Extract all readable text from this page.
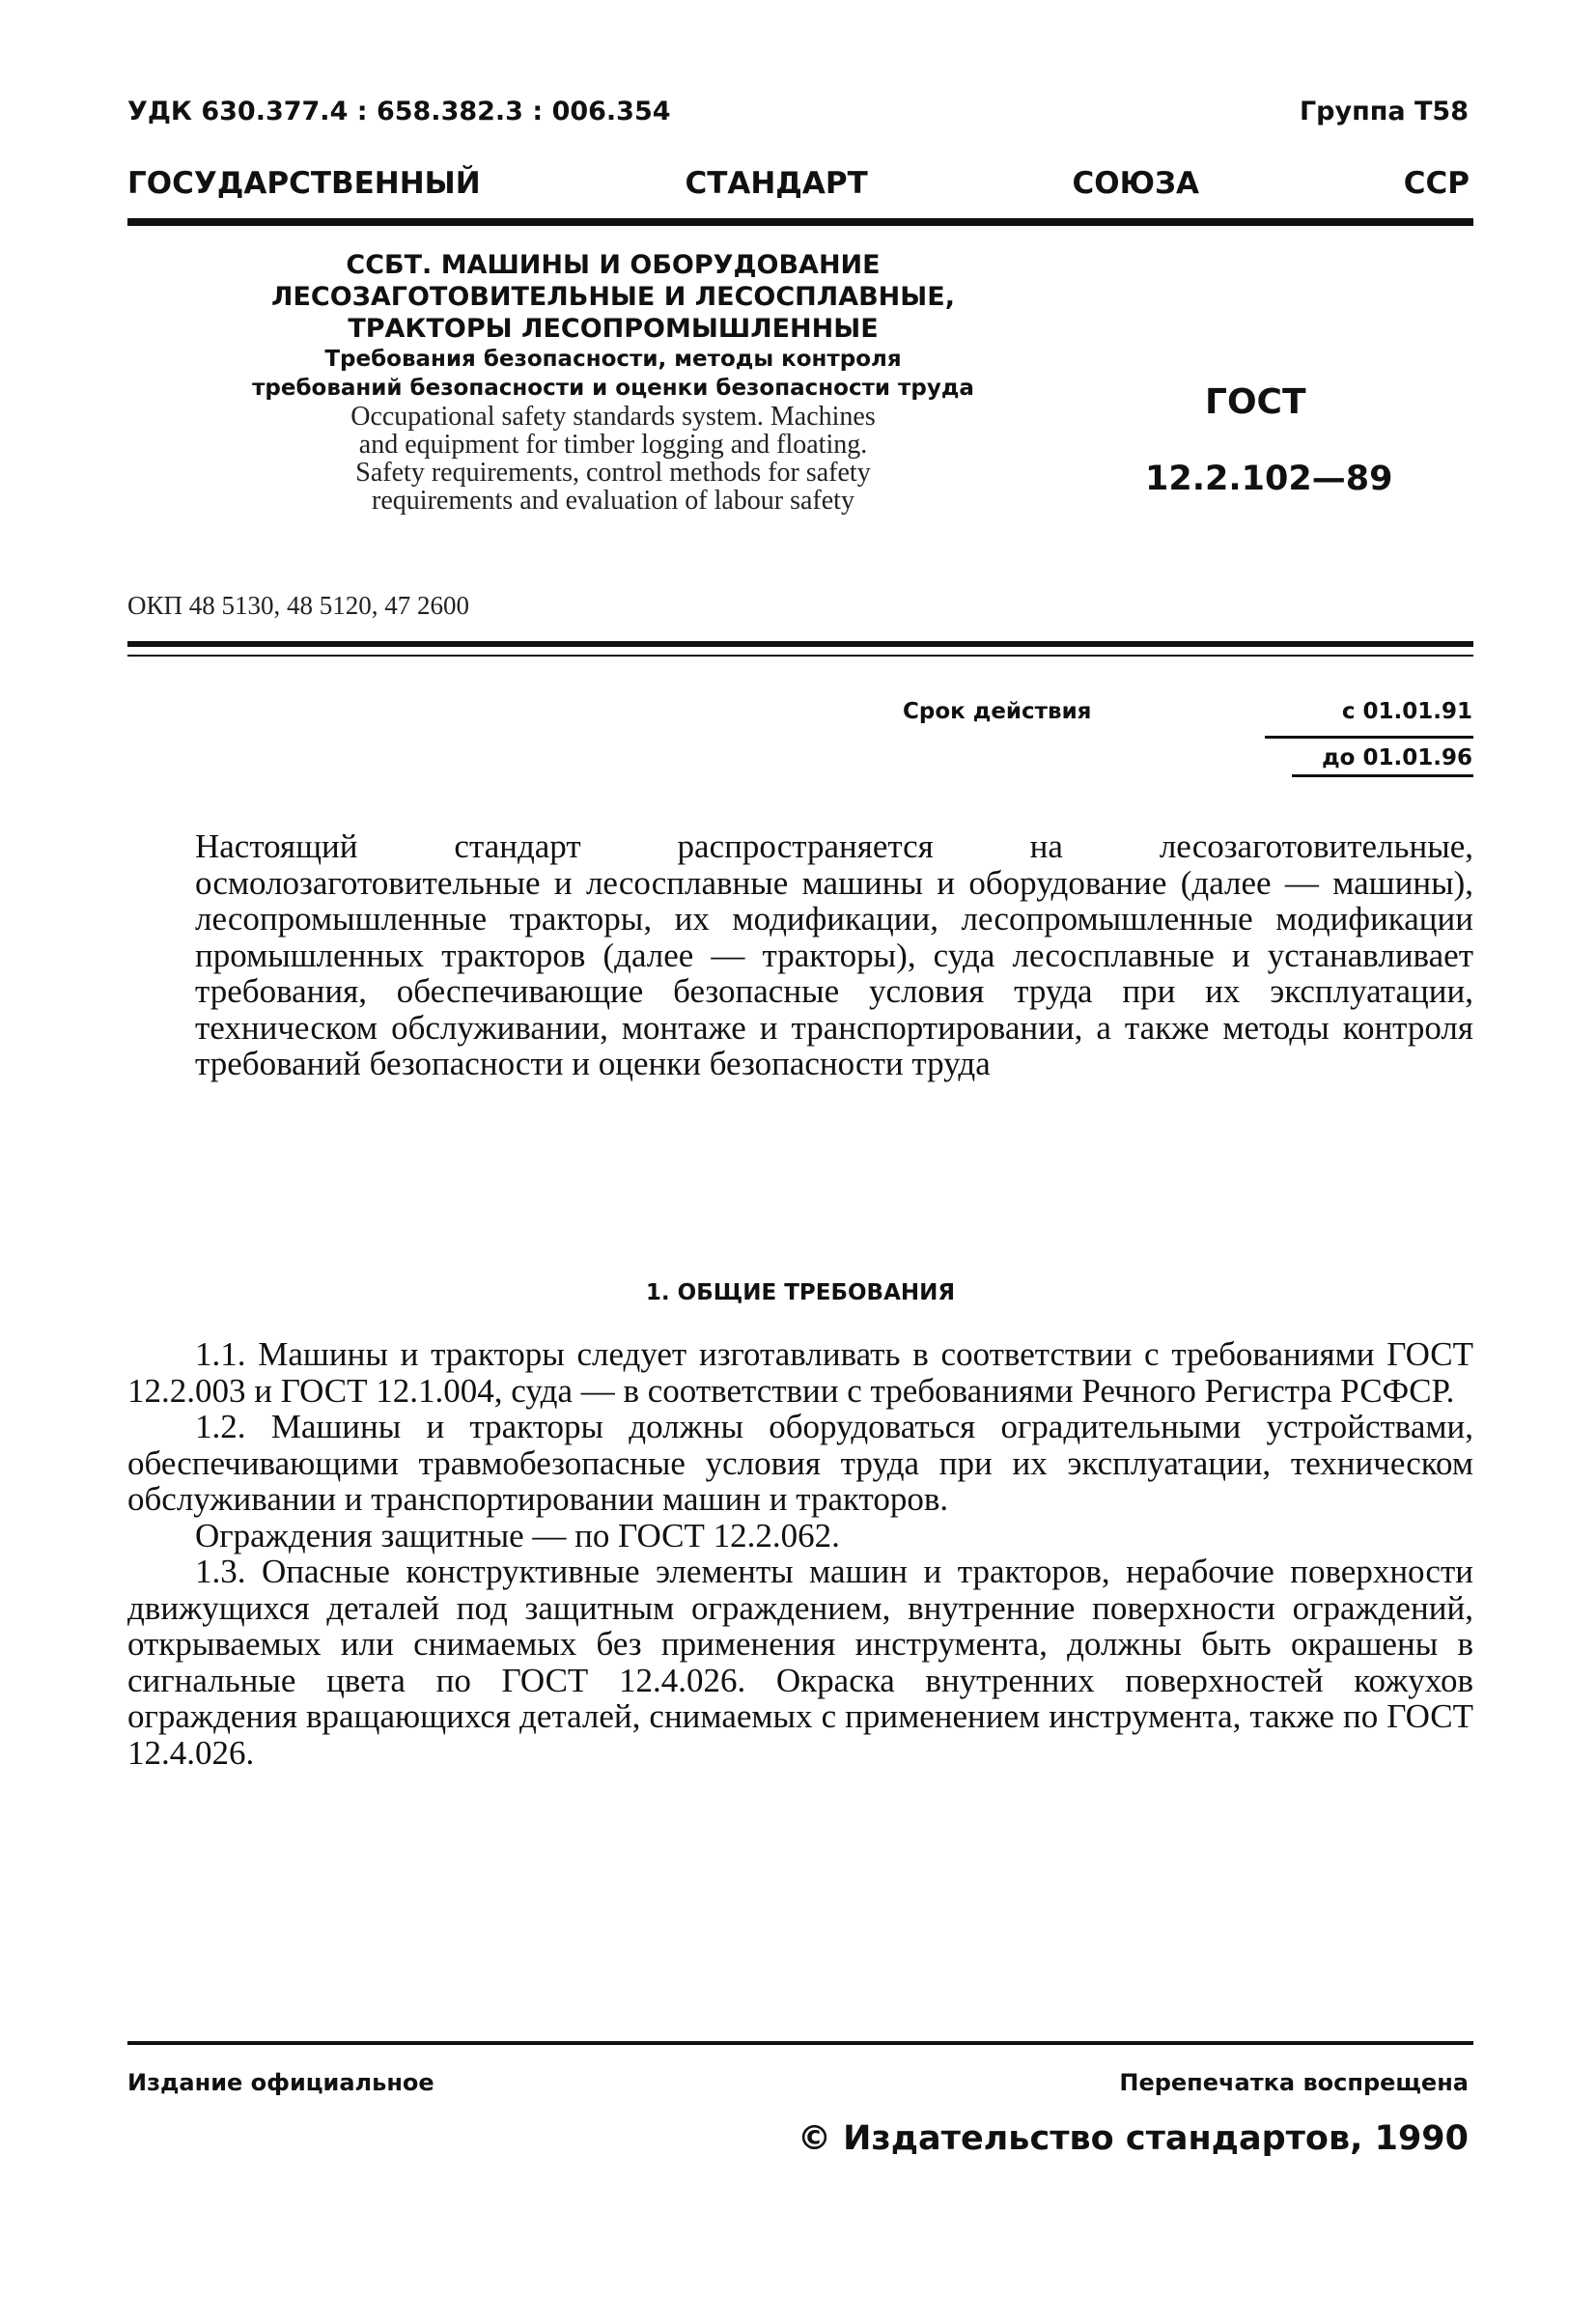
УДК 630.377.4 : 658.382.3 : 006.354	Группа Т58
ГОСУДАРСТВЕННЫЙ	СТАНДАРТ	СОЮЗА	ССР
ССБТ. МАШИНЫ И ОБОРУДОВАНИЕ
ЛЕСОЗАГОТОВИТЕЛЬНЫЕ И ЛЕСОСПЛАВНЫЕ,
ТРАКТОРЫ ЛЕСОПРОМЫШЛЕННЫЕ
Требования безопасности, методы контроля
требований безопасности и оценки безопасности труда
Occupational safety standards system. Machines
and equipment for timber logging and floating.
Safety requirements, control methods for safety
requirements and evaluation of labour safety
ГОСТ
12.2.102—89
ОКП 48 5130, 48 5120, 47 2600
Срок действия	с 01.01.91
до 01.01.96
Настоящий стандарт распространяется на лесозаготовительные, осмолозаготовительные и лесосплавные машины и оборудование (далее — машины), лесопромышленные тракторы, их модификации, лесопромышленные модификации промышленных тракторов (далее — тракторы), суда лесосплавные и устанавливает требования, обеспечивающие безопасные условия труда при их эксплуатации, техническом обслуживании, монтаже и транспортировании, а также методы контроля требований безопасности и оценки безопасности труда
1. ОБЩИЕ ТРЕБОВАНИЯ

1.1. Машины и тракторы следует изготавливать в соответствии с требованиями ГОСТ 12.2.003 и ГОСТ 12.1.004, суда — в соответствии с требованиями Речного Регистра РСФСР.

1.2. Машины и тракторы должны оборудоваться оградительными устройствами, обеспечивающими травмобезопасные условия труда при их эксплуатации, техническом обслуживании и транспортировании машин и тракторов.

Ограждения защитные — по ГОСТ 12.2.062.

1.3. Опасные конструктивные элементы машин и тракторов, нерабочие поверхности движущихся деталей под защитным ограждением, внутренние поверхности ограждений, открываемых или снимаемых без применения инструмента, должны быть окрашены в сигнальные цвета по ГОСТ 12.4.026. Окраска внутренних поверхностей кожухов ограждения вращающихся деталей, снимаемых с применением инструмента, также по ГОСТ 12.4.026.

Издание официальное	Перепечатка воспрещена
© Издательство стандартов, 1990
